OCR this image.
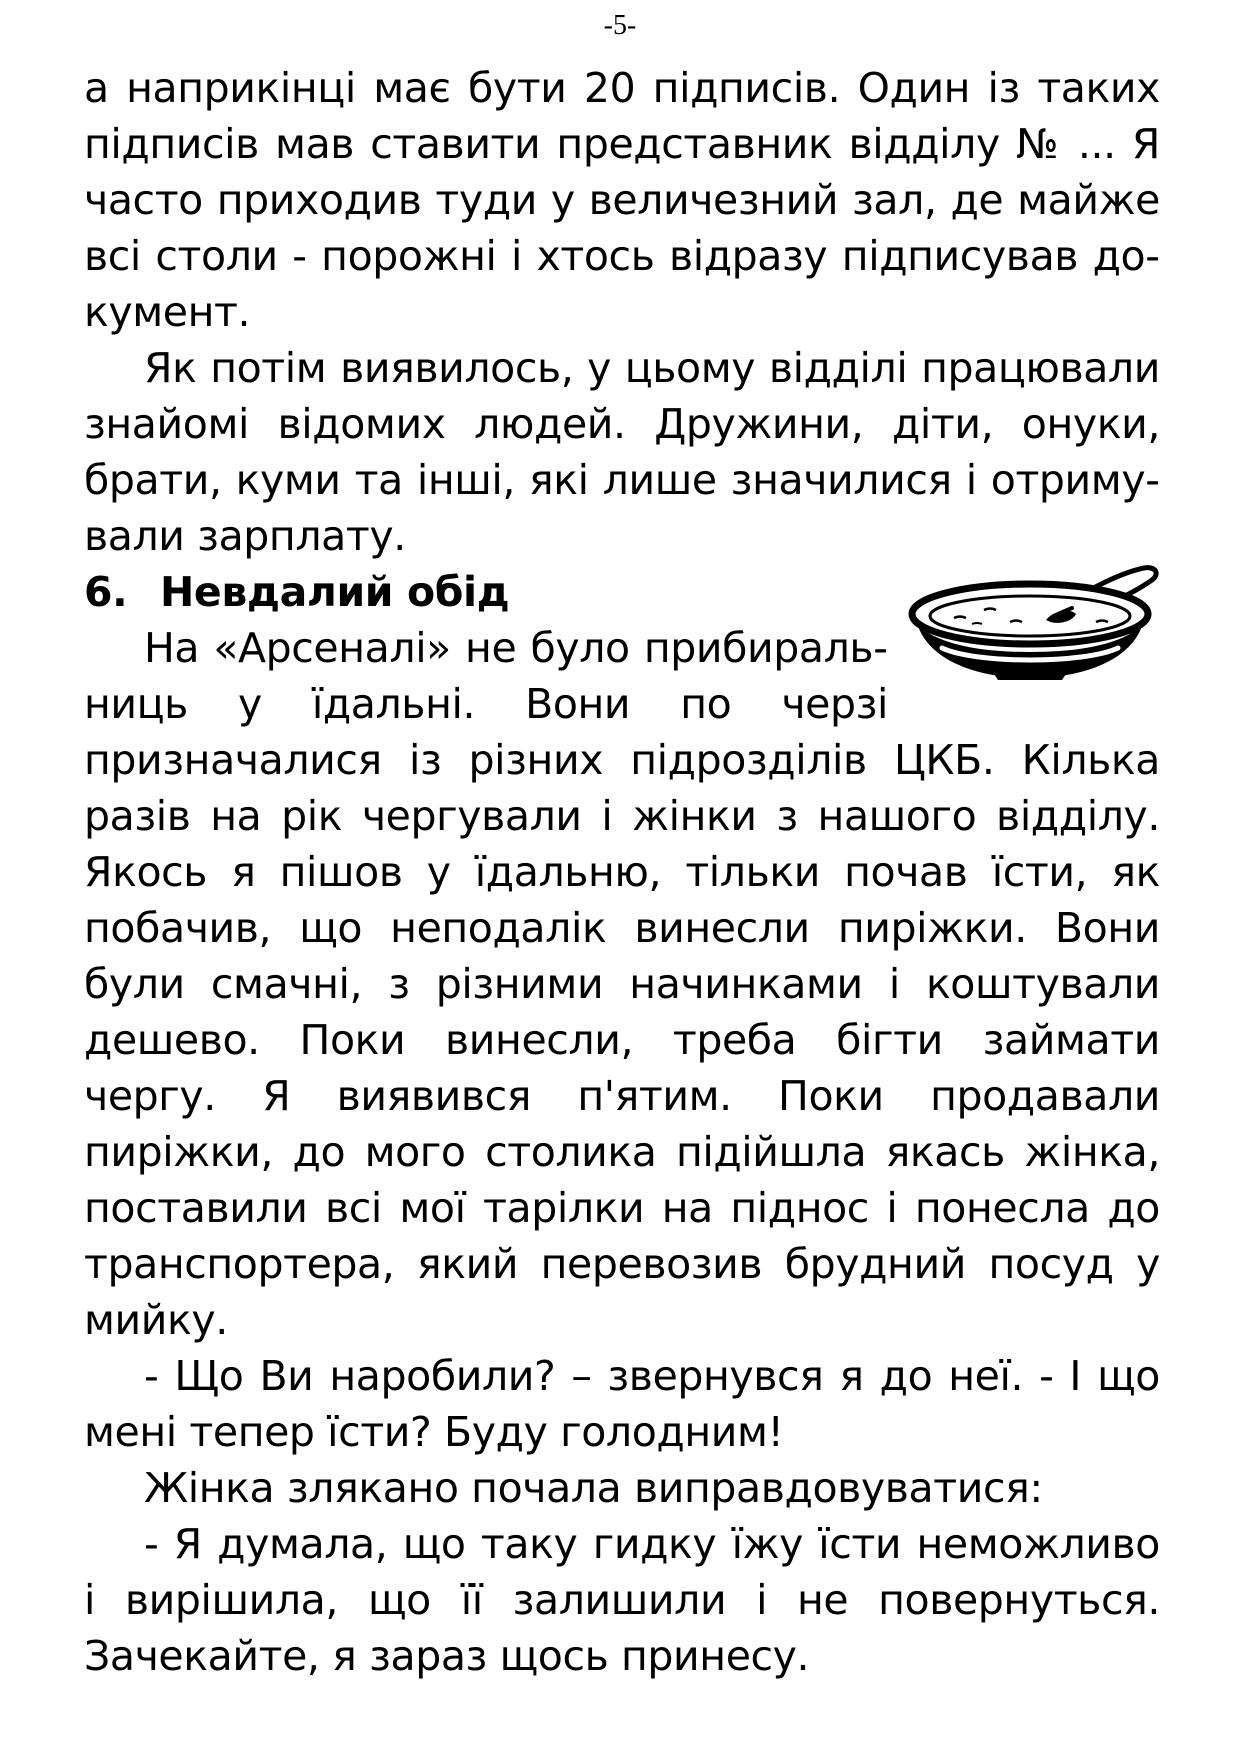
-5-

а наприкінці має бути 20 підписів. Один із таких підписів мав ставити представник відділу № ... Я часто приходив туди у величезний зал, де майже всі столи - порожні і хтось відразу підписував документ.

Як потім виявилось, у цьому відділі працювали знайомі відомих людей. Дружини, діти, онуки, брати, куми та інші, які лише значилися і отримували зарплату.

6. Невдалий обід

На «Арсеналі» не було прибиральниць у їдальні. Вони по черзі призначалися із різних підрозділів ЦКБ. Кілька разів на рік чергували і жінки з нашого відділу. Якось я пішов у їдальню, тільки почав їсти, як побачив, що неподалік винесли пиріжки. Вони були смачні, з різними начинками і коштували дешево. Поки винесли, треба бігти займати чергу. Я виявився п'ятим. Поки продавали пиріжки, до мого столика підійшла якась жінка, поставили всі мої тарілки на піднос і понесла до транспортера, який перевозив брудний посуд у мийку.

- Що Ви наробили? – звернувся я до неї. - І що мені тепер їсти? Буду голодним!

Жінка злякано почала виправдовуватися:

- Я думала, що таку гидку їжу їсти неможливо і вирішила, що її залишили і не повернуться. Зачекайте, я зараз щось принесу.
